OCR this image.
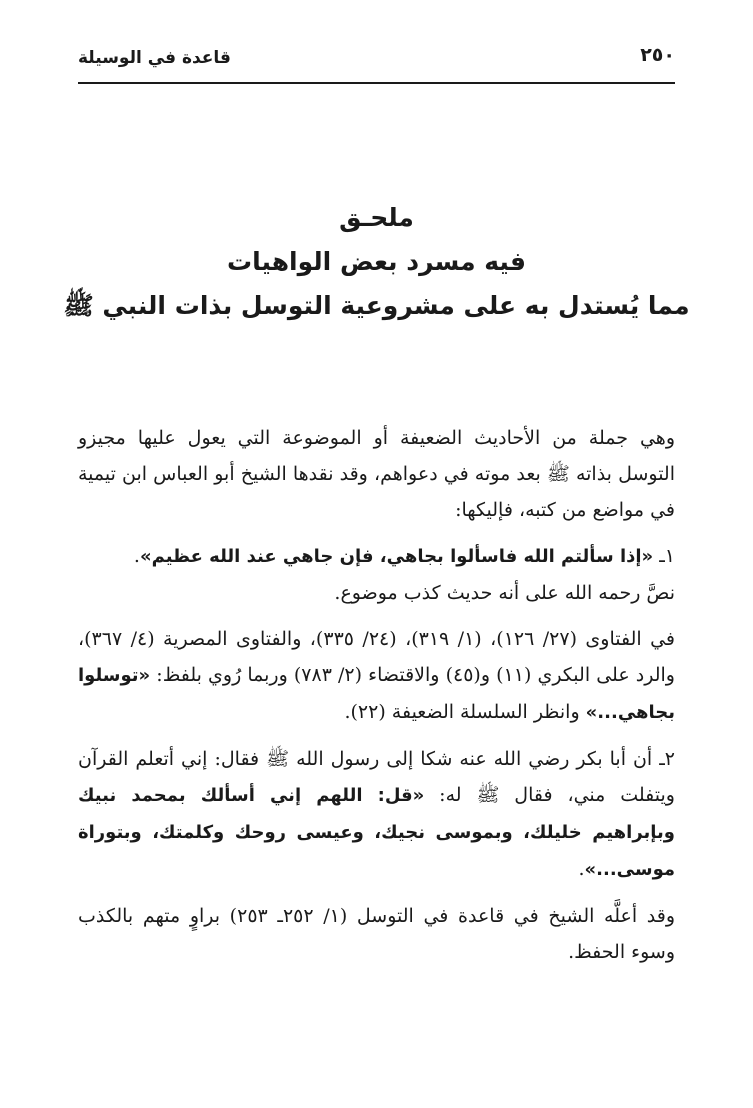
قاعدة في الوسيلة	٢٥٠
ملحـق
فيه مسرد بعض الواهيات
مما يُستدل به على مشروعية التوسل بذات النبي ﷺ

وهي جملة من الأحاديث الضعيفة أو الموضوعة التي يعول عليها مجيزو التوسل بذاته ﷺ بعد موته في دعواهم، وقد نقدها الشيخ أبو العباس ابن تيمية في مواضع من كتبه، فإليكها:

١ـ «إذا سألتم الله فاسألوا بجاهي، فإن جاهي عند الله عظيم».

نصَّ رحمه الله على أنه حديث كذب موضوع.

في الفتاوى (٢٧/ ١٢٦)، (١/ ٣١٩)، (٢٤/ ٣٣٥)، والفتاوى المصرية (٤/ ٣٦٧)، والرد على البكري (١١) و(٤٥) والاقتضاء (٢/ ٧٨٣) وربما رُوي بلفظ: «توسلوا بجاهي...» وانظر السلسلة الضعيفة (٢٢).

٢ـ أن أبا بكر رضي الله عنه شكا إلى رسول الله ﷺ فقال: إني أتعلم القرآن ويتفلت مني، فقال ﷺ له: «قل: اللهم إني أسألك بمحمد نبيك وبإبراهيم خليلك، وبموسى نجيك، وعيسى روحك وكلمتك، وبتوراة موسى...».

وقد أعلَّه الشيخ في قاعدة في التوسل (١/ ٢٥٢ـ ٢٥٣) براوٍ متهم بالكذب وسوء الحفظ.
